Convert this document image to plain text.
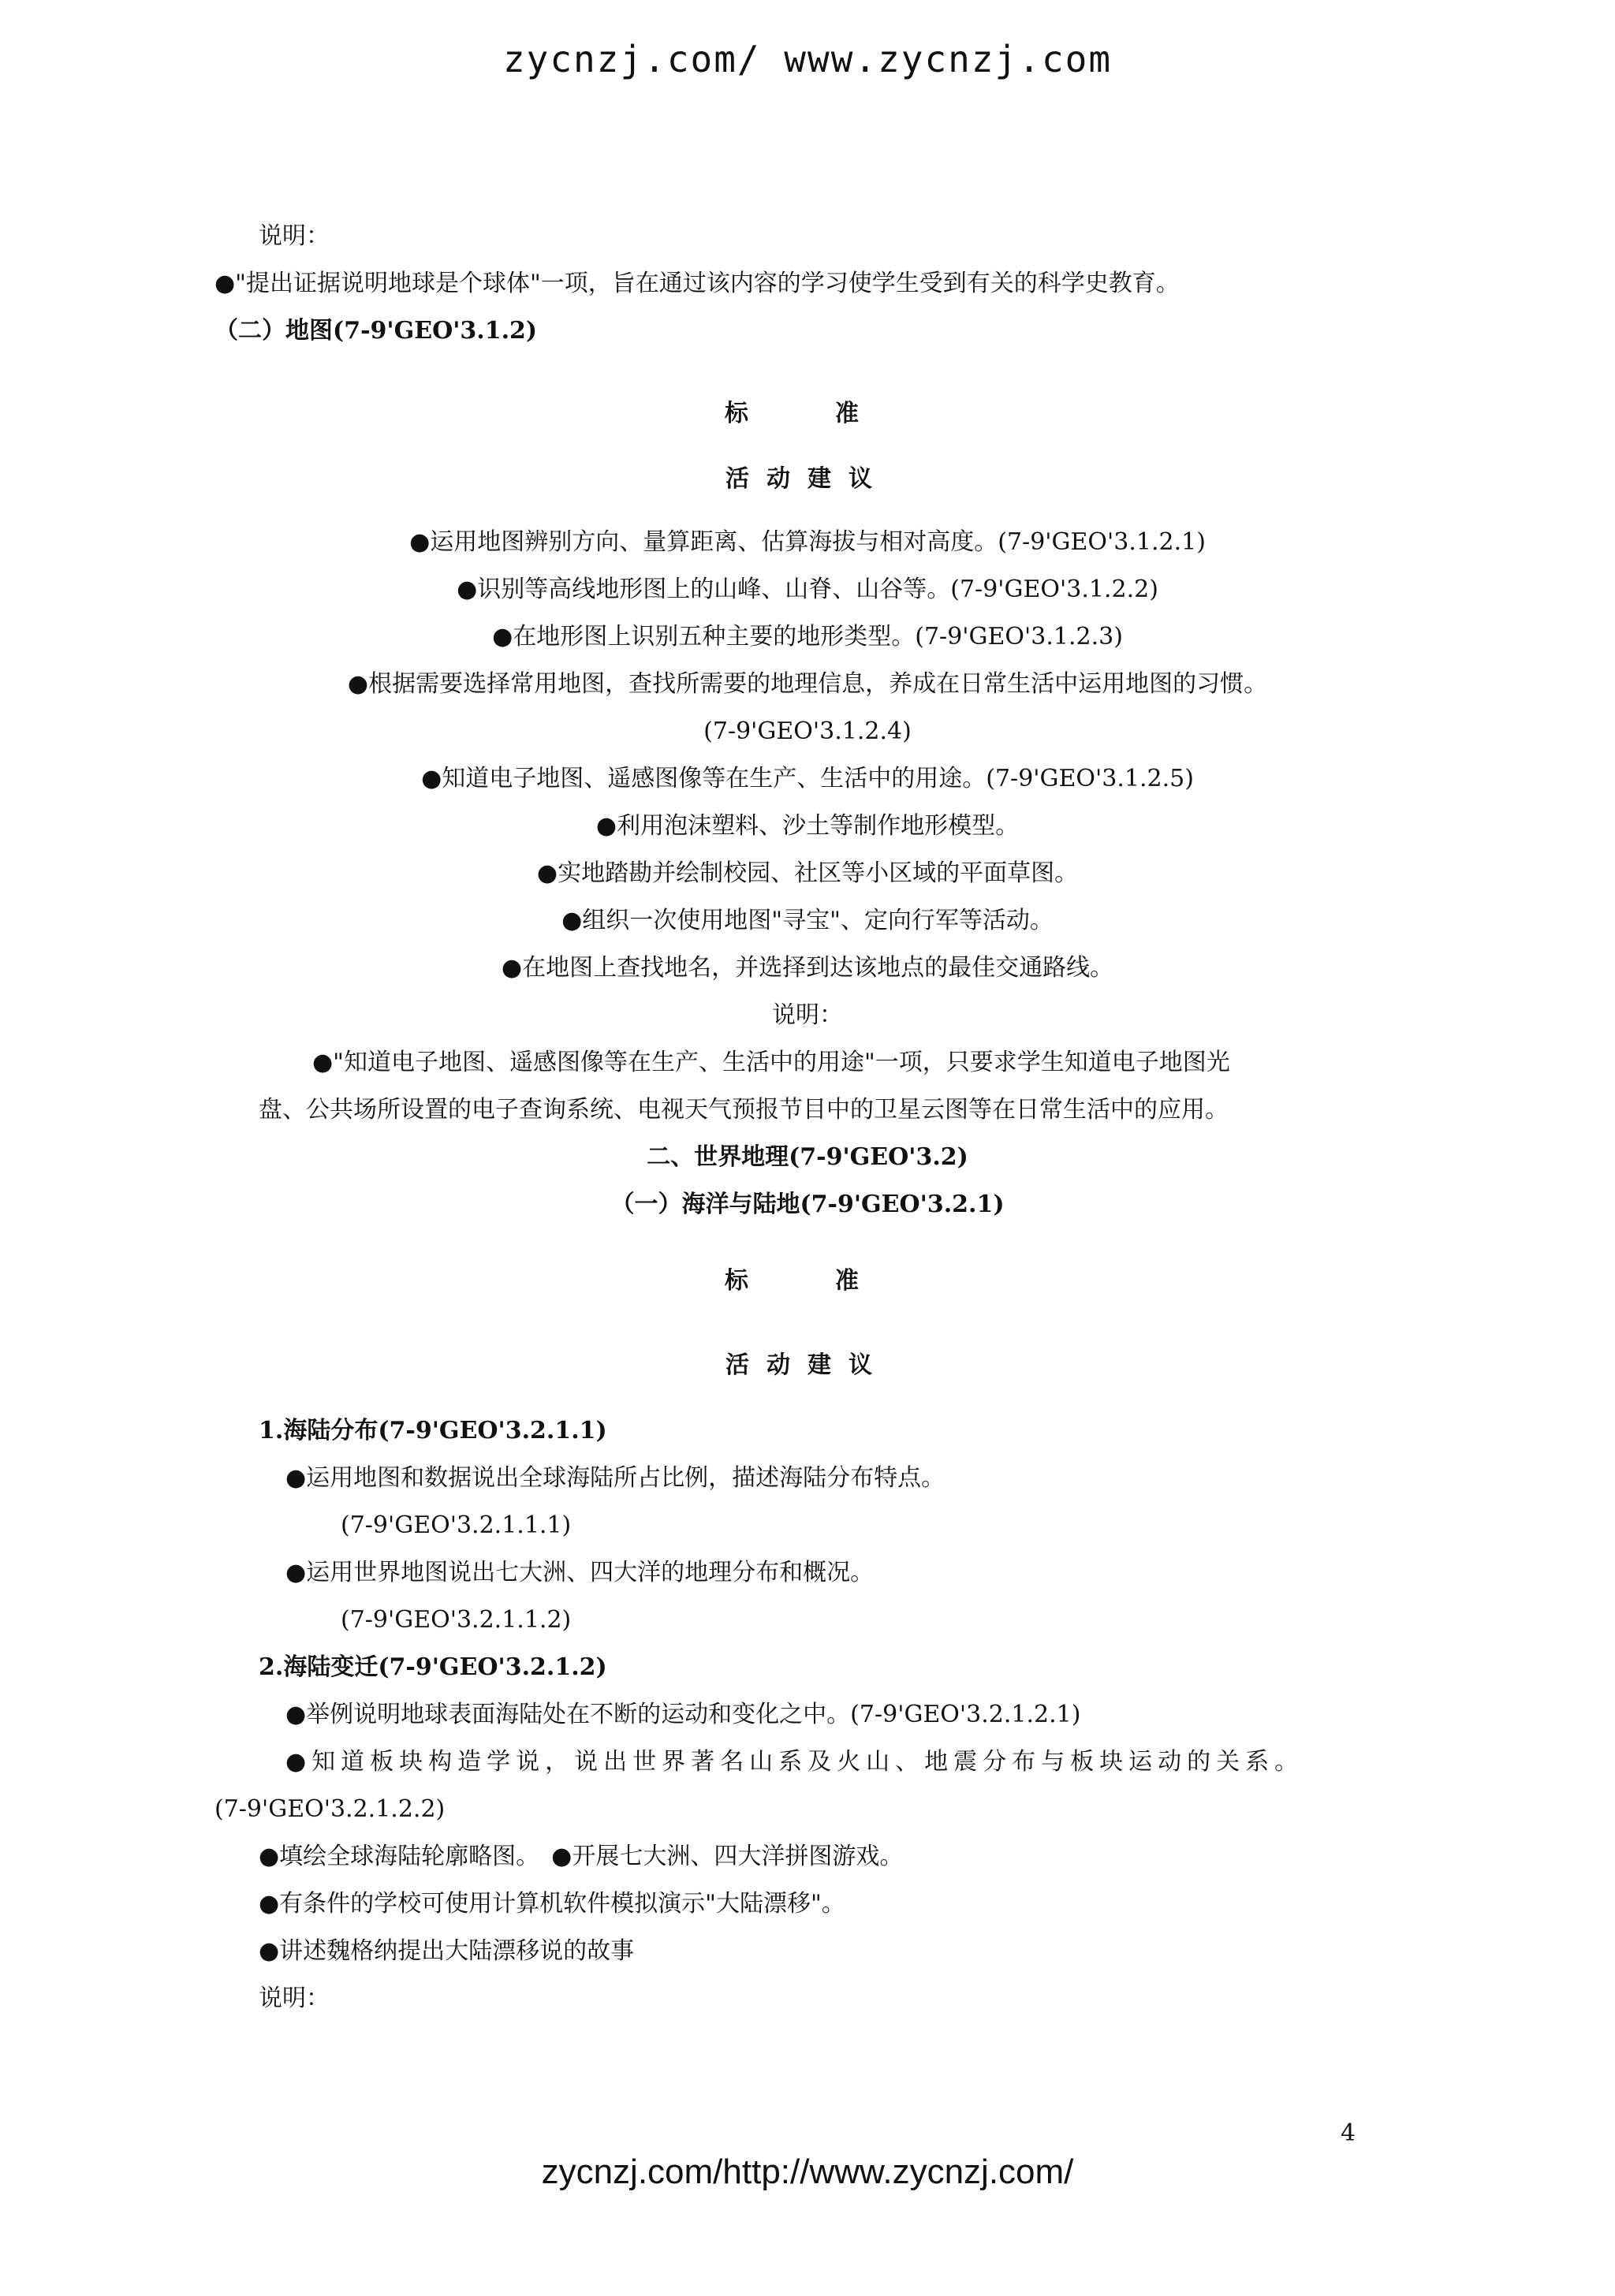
zycnzj.com/ www.zycnzj.com
说明：
●"提出证据说明地球是个球体"一项，旨在通过该内容的学习使学生受到有关的科学史教育。
（二）地图(7-9'GEO'3.1.2)
标　准
活动建议
●运用地图辨别方向、量算距离、估算海拔与相对高度。(7-9'GEO'3.1.2.1)
●识别等高线地形图上的山峰、山脊、山谷等。(7-9'GEO'3.1.2.2)
●在地形图上识别五种主要的地形类型。(7-9'GEO'3.1.2.3)
●根据需要选择常用地图，查找所需要的地理信息，养成在日常生活中运用地图的习惯。
(7-9'GEO'3.1.2.4)
●知道电子地图、遥感图像等在生产、生活中的用途。(7-9'GEO'3.1.2.5)
●利用泡沫塑料、沙土等制作地形模型。
●实地踏勘并绘制校园、社区等小区域的平面草图。
●组织一次使用地图"寻宝"、定向行军等活动。
●在地图上查找地名，并选择到达该地点的最佳交通路线。
说明：
●"知道电子地图、遥感图像等在生产、生活中的用途"一项，只要求学生知道电子地图光
盘、公共场所设置的电子查询系统、电视天气预报节目中的卫星云图等在日常生活中的应用。
二、世界地理(7-9'GEO'3.2)
（一）海洋与陆地(7-9'GEO'3.2.1)
标　准
活动建议
1.海陆分布(7-9'GEO'3.2.1.1)
●运用地图和数据说出全球海陆所占比例，描述海陆分布特点。
(7-9'GEO'3.2.1.1.1)
●运用世界地图说出七大洲、四大洋的地理分布和概况。
(7-9'GEO'3.2.1.1.2)
2.海陆变迁(7-9'GEO'3.2.1.2)
●举例说明地球表面海陆处在不断的运动和变化之中。(7-9'GEO'3.2.1.2.1)
●知道板块构造学说，说出世界著名山系及火山、地震分布与板块运动的关系。
(7-9'GEO'3.2.1.2.2)
●填绘全球海陆轮廓略图。　●开展七大洲、四大洋拼图游戏。
●有条件的学校可使用计算机软件模拟演示"大陆漂移"。
●讲述魏格纳提出大陆漂移说的故事
说明：
4
zycnzj.com/http://www.zycnzj.com/
